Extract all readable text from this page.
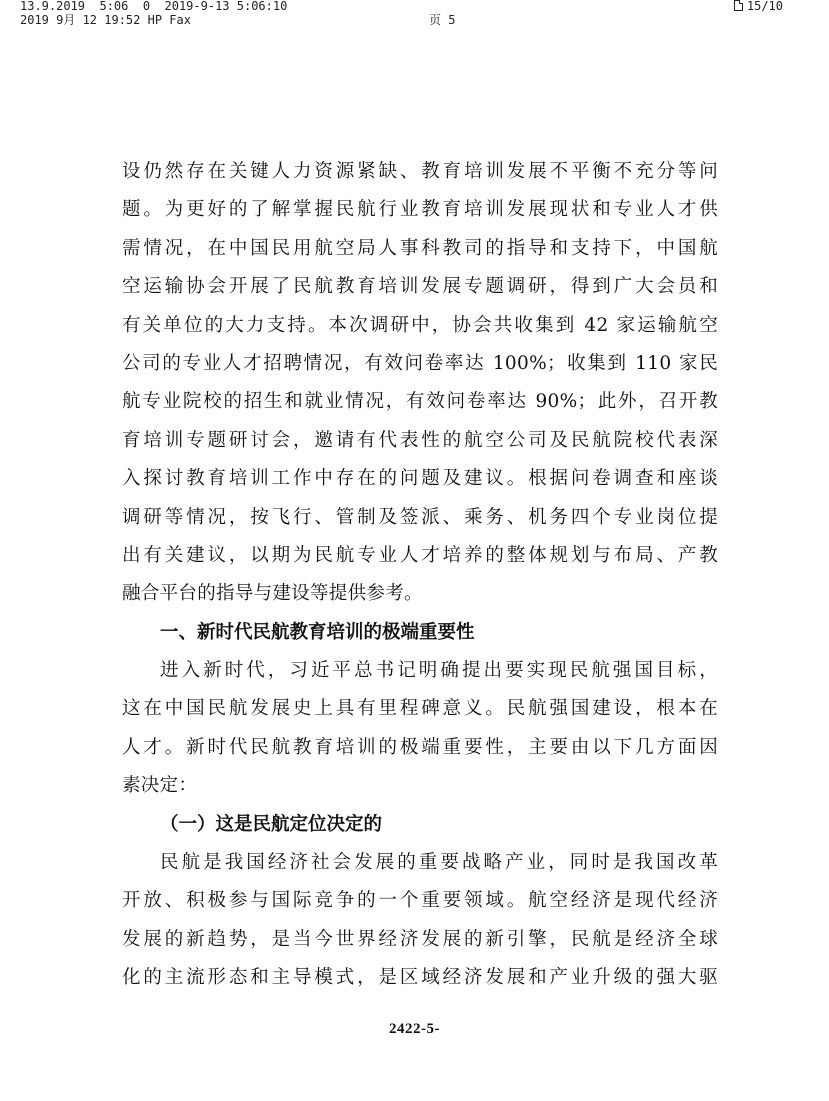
13.9.2019  5:06  0  2019-9-13 5:06:10	15/10
2019 9月 12 19:52 HP Fax	页 5
设仍然存在关键人力资源紧缺、教育培训发展不平衡不充分等问
题。为更好的了解掌握民航行业教育培训发展现状和专业人才供
需情况，在中国民用航空局人事科教司的指导和支持下，中国航
空运输协会开展了民航教育培训发展专题调研，得到广大会员和
有关单位的大力支持。本次调研中，协会共收集到 42 家运输航空
公司的专业人才招聘情况，有效问卷率达 100%；收集到 110 家民
航专业院校的招生和就业情况，有效问卷率达 90%；此外，召开教
育培训专题研讨会，邀请有代表性的航空公司及民航院校代表深
入探讨教育培训工作中存在的问题及建议。根据问卷调查和座谈
调研等情况，按飞行、管制及签派、乘务、机务四个专业岗位提
出有关建议，以期为民航专业人才培养的整体规划与布局、产教
融合平台的指导与建设等提供参考。
一、新时代民航教育培训的极端重要性
进入新时代，习近平总书记明确提出要实现民航强国目标，
这在中国民航发展史上具有里程碑意义。民航强国建设，根本在
人才。新时代民航教育培训的极端重要性，主要由以下几方面因
素决定：
（一）这是民航定位决定的
民航是我国经济社会发展的重要战略产业，同时是我国改革
开放、积极参与国际竞争的一个重要领域。航空经济是现代经济
发展的新趋势，是当今世界经济发展的新引擎，民航是经济全球
化的主流形态和主导模式，是区域经济发展和产业升级的强大驱
2422-5-
